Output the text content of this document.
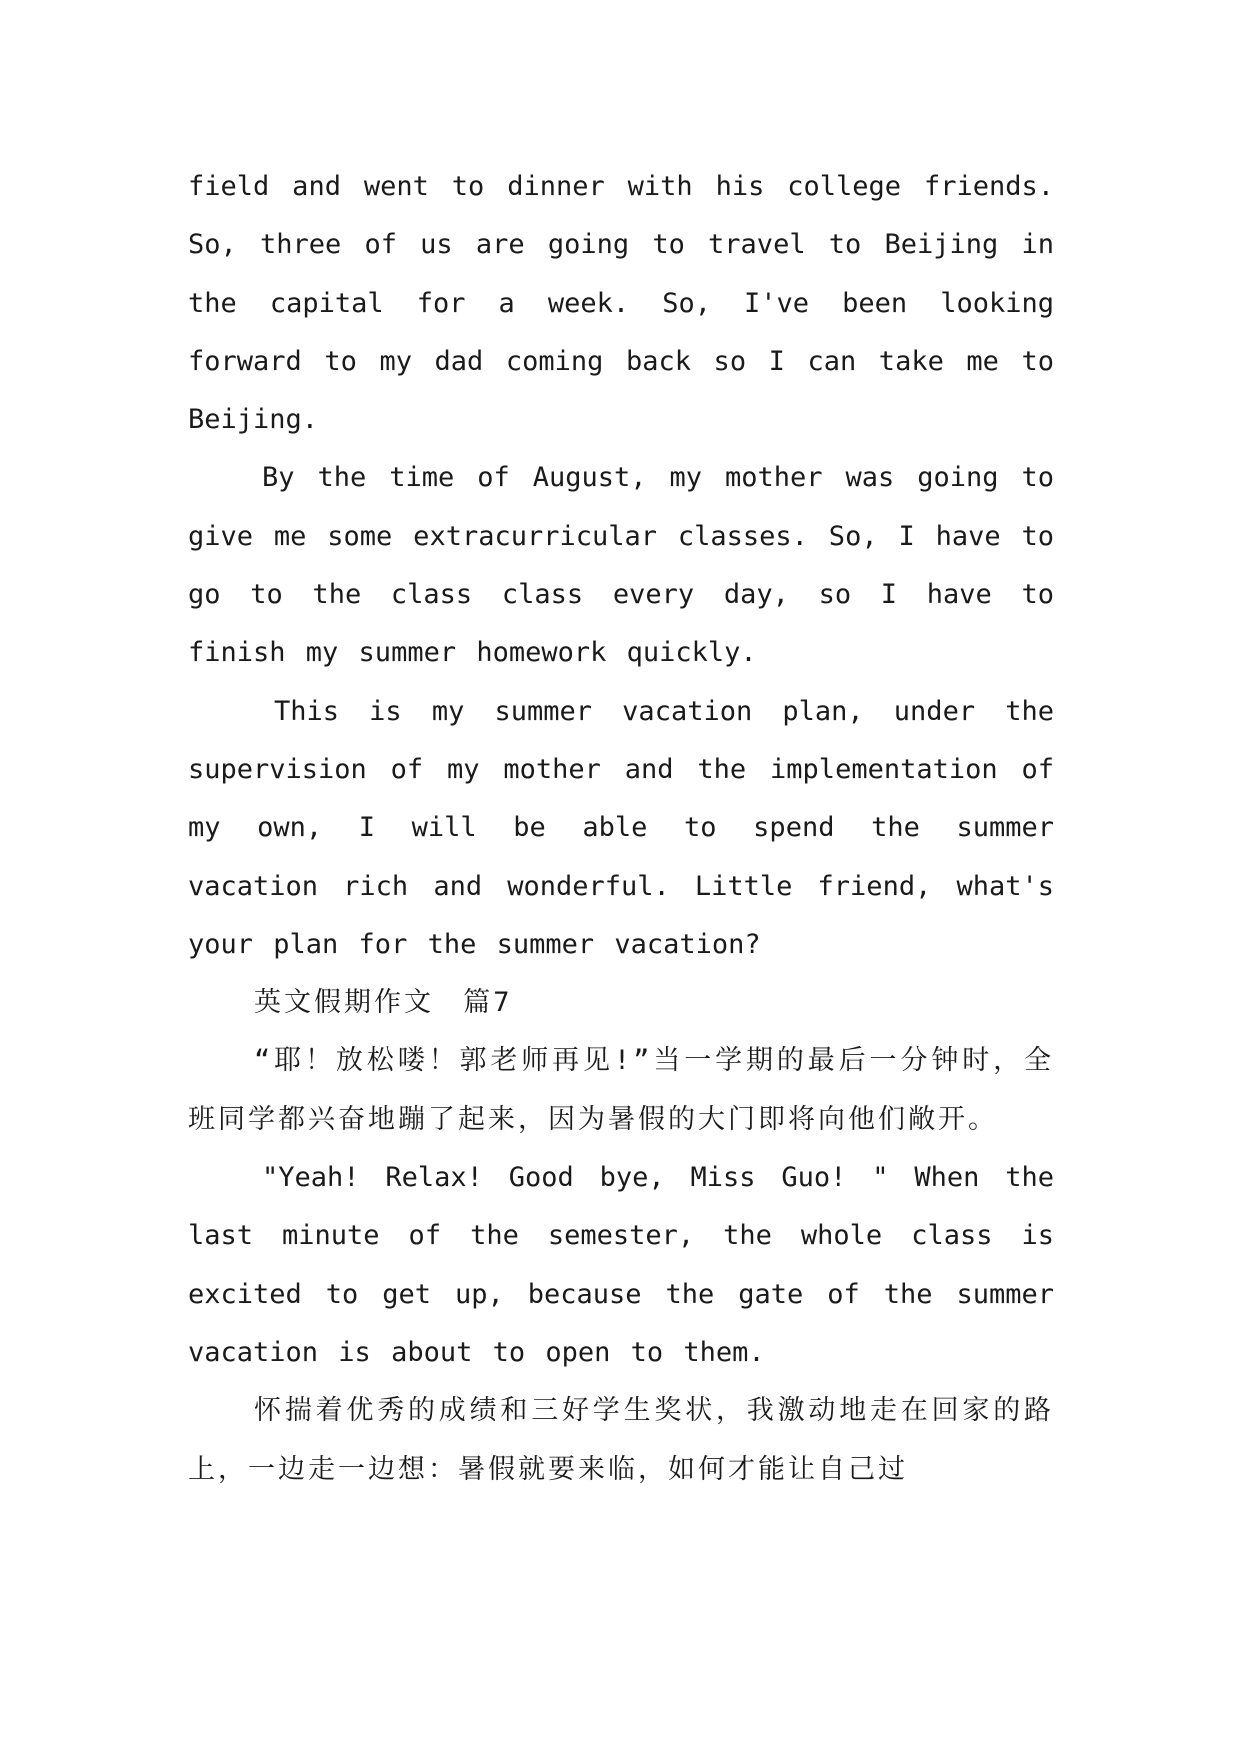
field and went to dinner with his college friends. So, three of us are going to travel to Beijing in the capital for a week. So, I've been looking forward to my dad coming back so I can take me to Beijing.

By the time of August, my mother was going to give me some extracurricular classes. So, I have to go to the class class every day, so I have to finish my summer homework quickly.

This is my summer vacation plan, under the supervision of my mother and the implementation of my own, I will be able to spend the summer vacation rich and wonderful. Little friend, what's your plan for the summer vacation?

英文假期作文 篇7

“耶！放松喽！郭老师再见!”当一学期的最后一分钟时，全班同学都兴奋地蹦了起来，因为暑假的大门即将向他们敞开。

"Yeah! Relax! Good bye, Miss Guo! " When the last minute of the semester, the whole class is excited to get up, because the gate of the summer vacation is about to open to them.

怀揣着优秀的成绩和三好学生奖状，我激动地走在回家的路上，一边走一边想：暑假就要来临，如何才能让自己过
